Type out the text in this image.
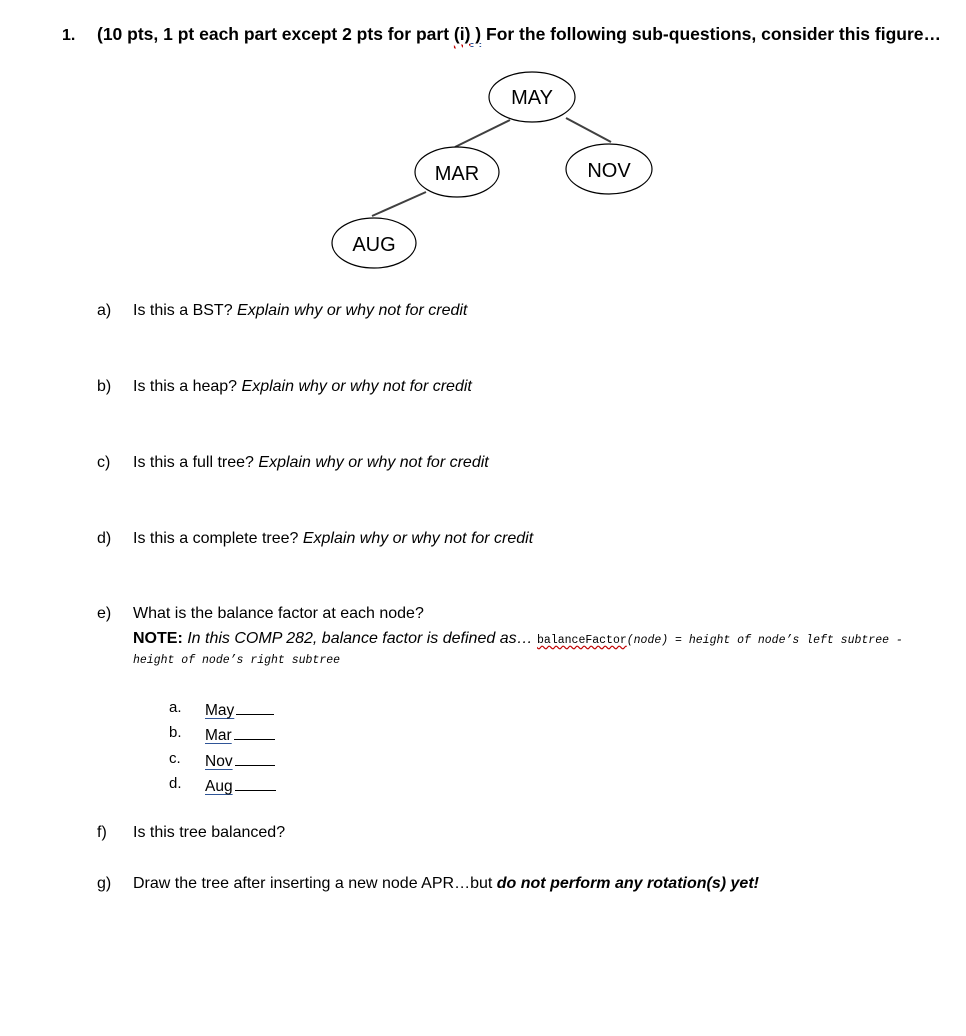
1. (10 pts, 1 pt each part except 2 pts for part (i) ) For the following sub-questions, consider this figure…
MAY
MAR	NOV
AUG
a) Is this a BST? Explain why or why not for credit
b) Is this a heap? Explain why or why not for credit
c) Is this a full tree? Explain why or why not for credit
d) Is this a complete tree? Explain why or why not for credit
e) What is the balance factor at each node?
NOTE: In this COMP 282, balance factor is defined as… balanceFactor(node) = height of node’s left subtree -
height of node’s right subtree
a. May
b. Mar
c. Nov
d. Aug
f) Is this tree balanced?
g) Draw the tree after inserting a new node APR…but do not perform any rotation(s) yet!
